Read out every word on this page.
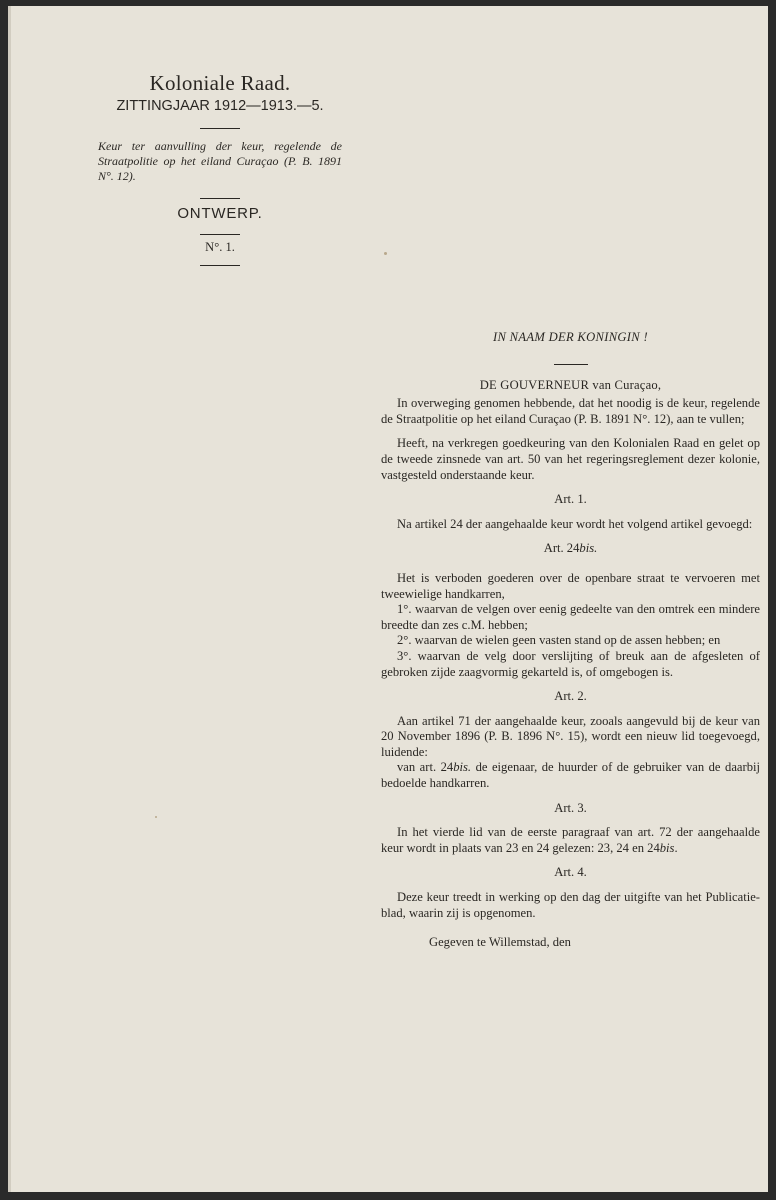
Koloniale Raad.

ZITTINGJAAR 1912—1913.—5.

Keur ter aanvulling der keur, regelende de Straatpolitie op het eiland Curaçao (P. B. 1891 N°. 12).
ONTWERP.
N°. 1.

IN NAAM DER KONINGIN !

DE GOUVERNEUR van Curaçao,

In overweging genomen hebbende, dat het noodig is de keur, regelende de Straatpolitie op het eiland Curaçao (P. B. 1891 N°. 12), aan te vullen;

Heeft, na verkregen goedkeuring van den Kolonialen Raad en gelet op de tweede zinsnede van art. 50 van het regeringsreglement dezer kolonie, vastgesteld onderstaande keur.

Art. 1.

Na artikel 24 der aangehaalde keur wordt het volgend artikel gevoegd:

Art. 24bis.

Het is verboden goederen over de openbare straat te vervoeren met tweewielige handkarren,

1°. waarvan de velgen over eenig gedeelte van den omtrek een mindere breedte dan zes c.M. hebben;

2°. waarvan de wielen geen vasten stand op de assen hebben; en

3°. waarvan de velg door verslijting of breuk aan de afgesleten of gebroken zijde zaagvormig gekarteld is, of omgebogen is.

Art. 2.

Aan artikel 71 der aangehaalde keur, zooals aangevuld bij de keur van 20 November 1896 (P. B. 1896 N°. 15), wordt een nieuw lid toegevoegd, luidende:

van art. 24bis. de eigenaar, de huurder of de gebruiker van de daarbij bedoelde handkarren.

Art. 3.

In het vierde lid van de eerste paragraaf van art. 72 der aangehaalde keur wordt in plaats van 23 en 24 gelezen: 23, 24 en 24bis.

Art. 4.

Deze keur treedt in werking op den dag der uitgifte van het Publicatie-blad, waarin zij is opgenomen.

Gegeven te Willemstad, den
